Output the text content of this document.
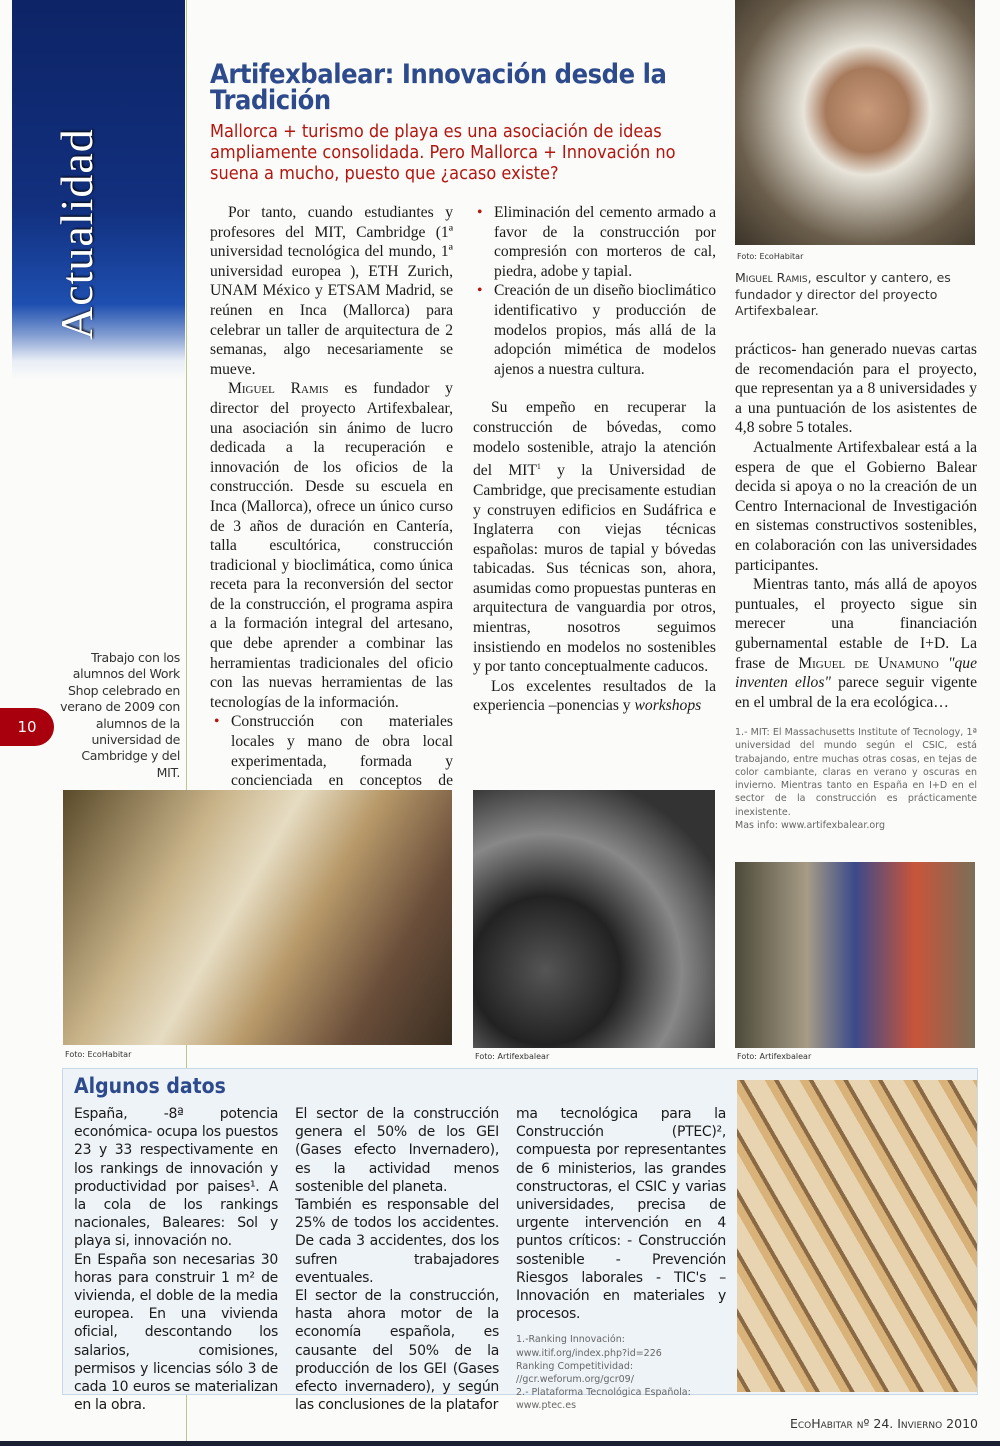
Actualidad
10
Trabajo con los alumnos del Work Shop celebrado en verano de 2009 con alumnos de la universidad de Cambridge y del MIT.
Artifexbalear: Innovación desde la Tradición
Mallorca + turismo de playa es una asociación de ideas ampliamente consolidada. Pero Mallorca + Innovación no suena a mucho, puesto que ¿acaso existe?

Por tanto, cuando estudiantes y profesores del MIT, Cambridge (1ª universidad tecnológica del mundo, 1ª universidad europea ), ETH Zurich, UNAM México y ETSAM Madrid, se reúnen en Inca (Mallorca) para celebrar un taller de arquitectura de 2 semanas, algo necesariamente se mueve.

Miguel Ramis es fundador y director del proyecto Artifexbalear, una asociación sin ánimo de lucro dedicada a la recuperación e innovación de los oficios de la construcción. Desde su escuela en Inca (Mallorca), ofrece un único curso de 3 años de duración en Cantería, talla escultórica, construcción tradicional y bioclimática, como única receta para la reconversión del sector de la construcción, el programa aspira a la formación integral del artesano, que debe aprender a combinar las herramientas tradicionales del oficio con las nuevas herramientas de las tecnologías de la información.

• Construcción con materiales locales y mano de obra local experimentada, formada y concienciada en conceptos de
• Eliminación del cemento armado a favor de la construcción por compresión con morteros de cal, piedra, adobe y tapial.
• Creación de un diseño bioclimático identificativo y producción de modelos propios, más allá de la adopción mimética de modelos ajenos a nuestra cultura.

Su empeño en recuperar la construcción de bóvedas, como modelo sostenible, atrajo la atención del MIT$^1$ y la Universidad de Cambridge, que precisamente estudian y construyen edificios en Sudáfrica e Inglaterra con viejas técnicas españolas: muros de tapial y bóvedas tabicadas. Sus técnicas son, ahora, asumidas como propuestas punteras en arquitectura de vanguardia por otros, mientras, nosotros seguimos insistiendo en modelos no sostenibles y por tanto conceptualmente caducos.

Los excelentes resultados de la experiencia –ponencias y workshops

Foto: EcoHabitar
Miguel Ramis, escultor y cantero, es fundador y director del proyecto Artifexbalear.

prácticos- han generado nuevas cartas de recomendación para el proyecto, que representan ya a 8 universidades y a una puntuación de los asistentes de 4,8 sobre 5 totales.

Actualmente Artifexbalear está a la espera de que el Gobierno Balear decida si apoya o no la creación de un Centro Internacional de Investigación en sistemas constructivos sostenibles, en colaboración con las universidades participantes.

Mientras tanto, más allá de apoyos puntuales, el proyecto sigue sin merecer una financiación gubernamental estable de I+D. La frase de Miguel de Unamuno "que inventen ellos" parece seguir vigente en el umbral de la era ecológica…

1.- MIT: El Massachusetts Institute of Tecnology, 1ª universidad del mundo según el CSIC, está trabajando, entre muchas otras cosas, en tejas de color cambiante, claras en verano y oscuras en invierno. Mientras tanto en España en I+D en el sector de la construcción es prácticamente inexistente.
Mas info: www.artifexbalear.org
Foto: EcoHabitar	Foto: Artifexbalear	Foto: Artifexbalear
Algunos datos
España, -8ª potencia económica- ocupa los puestos 23 y 33 respectivamente en los rankings de innovación y productividad por paises¹. A la cola de los rankings nacionales, Baleares: Sol y playa si, innovación no.
En España son necesarias 30 horas para construir 1 m² de vivienda, el doble de la media europea. En una vivienda oficial, descontando los salarios, comisiones, permisos y licencias sólo 3 de cada 10 euros se materializan en la obra.
El sector de la construcción genera el 50% de los GEI (Gases efecto Invernadero), es la actividad menos sostenible del planeta.
También es responsable del 25% de todos los accidentes. De cada 3 accidentes, dos los sufren trabajadores eventuales.
El sector de la construcción, hasta ahora motor de la economía española, es causante del 50% de la producción de los GEI (Gases efecto invernadero), y según las conclusiones de la platafor
ma tecnológica para la Construcción (PTEC)², compuesta por representantes de 6 ministerios, las grandes constructoras, el CSIC y varias universidades, precisa de urgente intervención en 4 puntos críticos: - Construcción sostenible - Prevención Riesgos laborales - TIC's – Innovación en materiales y procesos.
1.-Ranking Innovación:
www.itif.org/index.php?id=226
Ranking Competitividad:
//gcr.weforum.org/gcr09/
2.- Plataforma Tecnológica Española:
www.ptec.es
EcoHabitar nº 24. Invierno 2010
